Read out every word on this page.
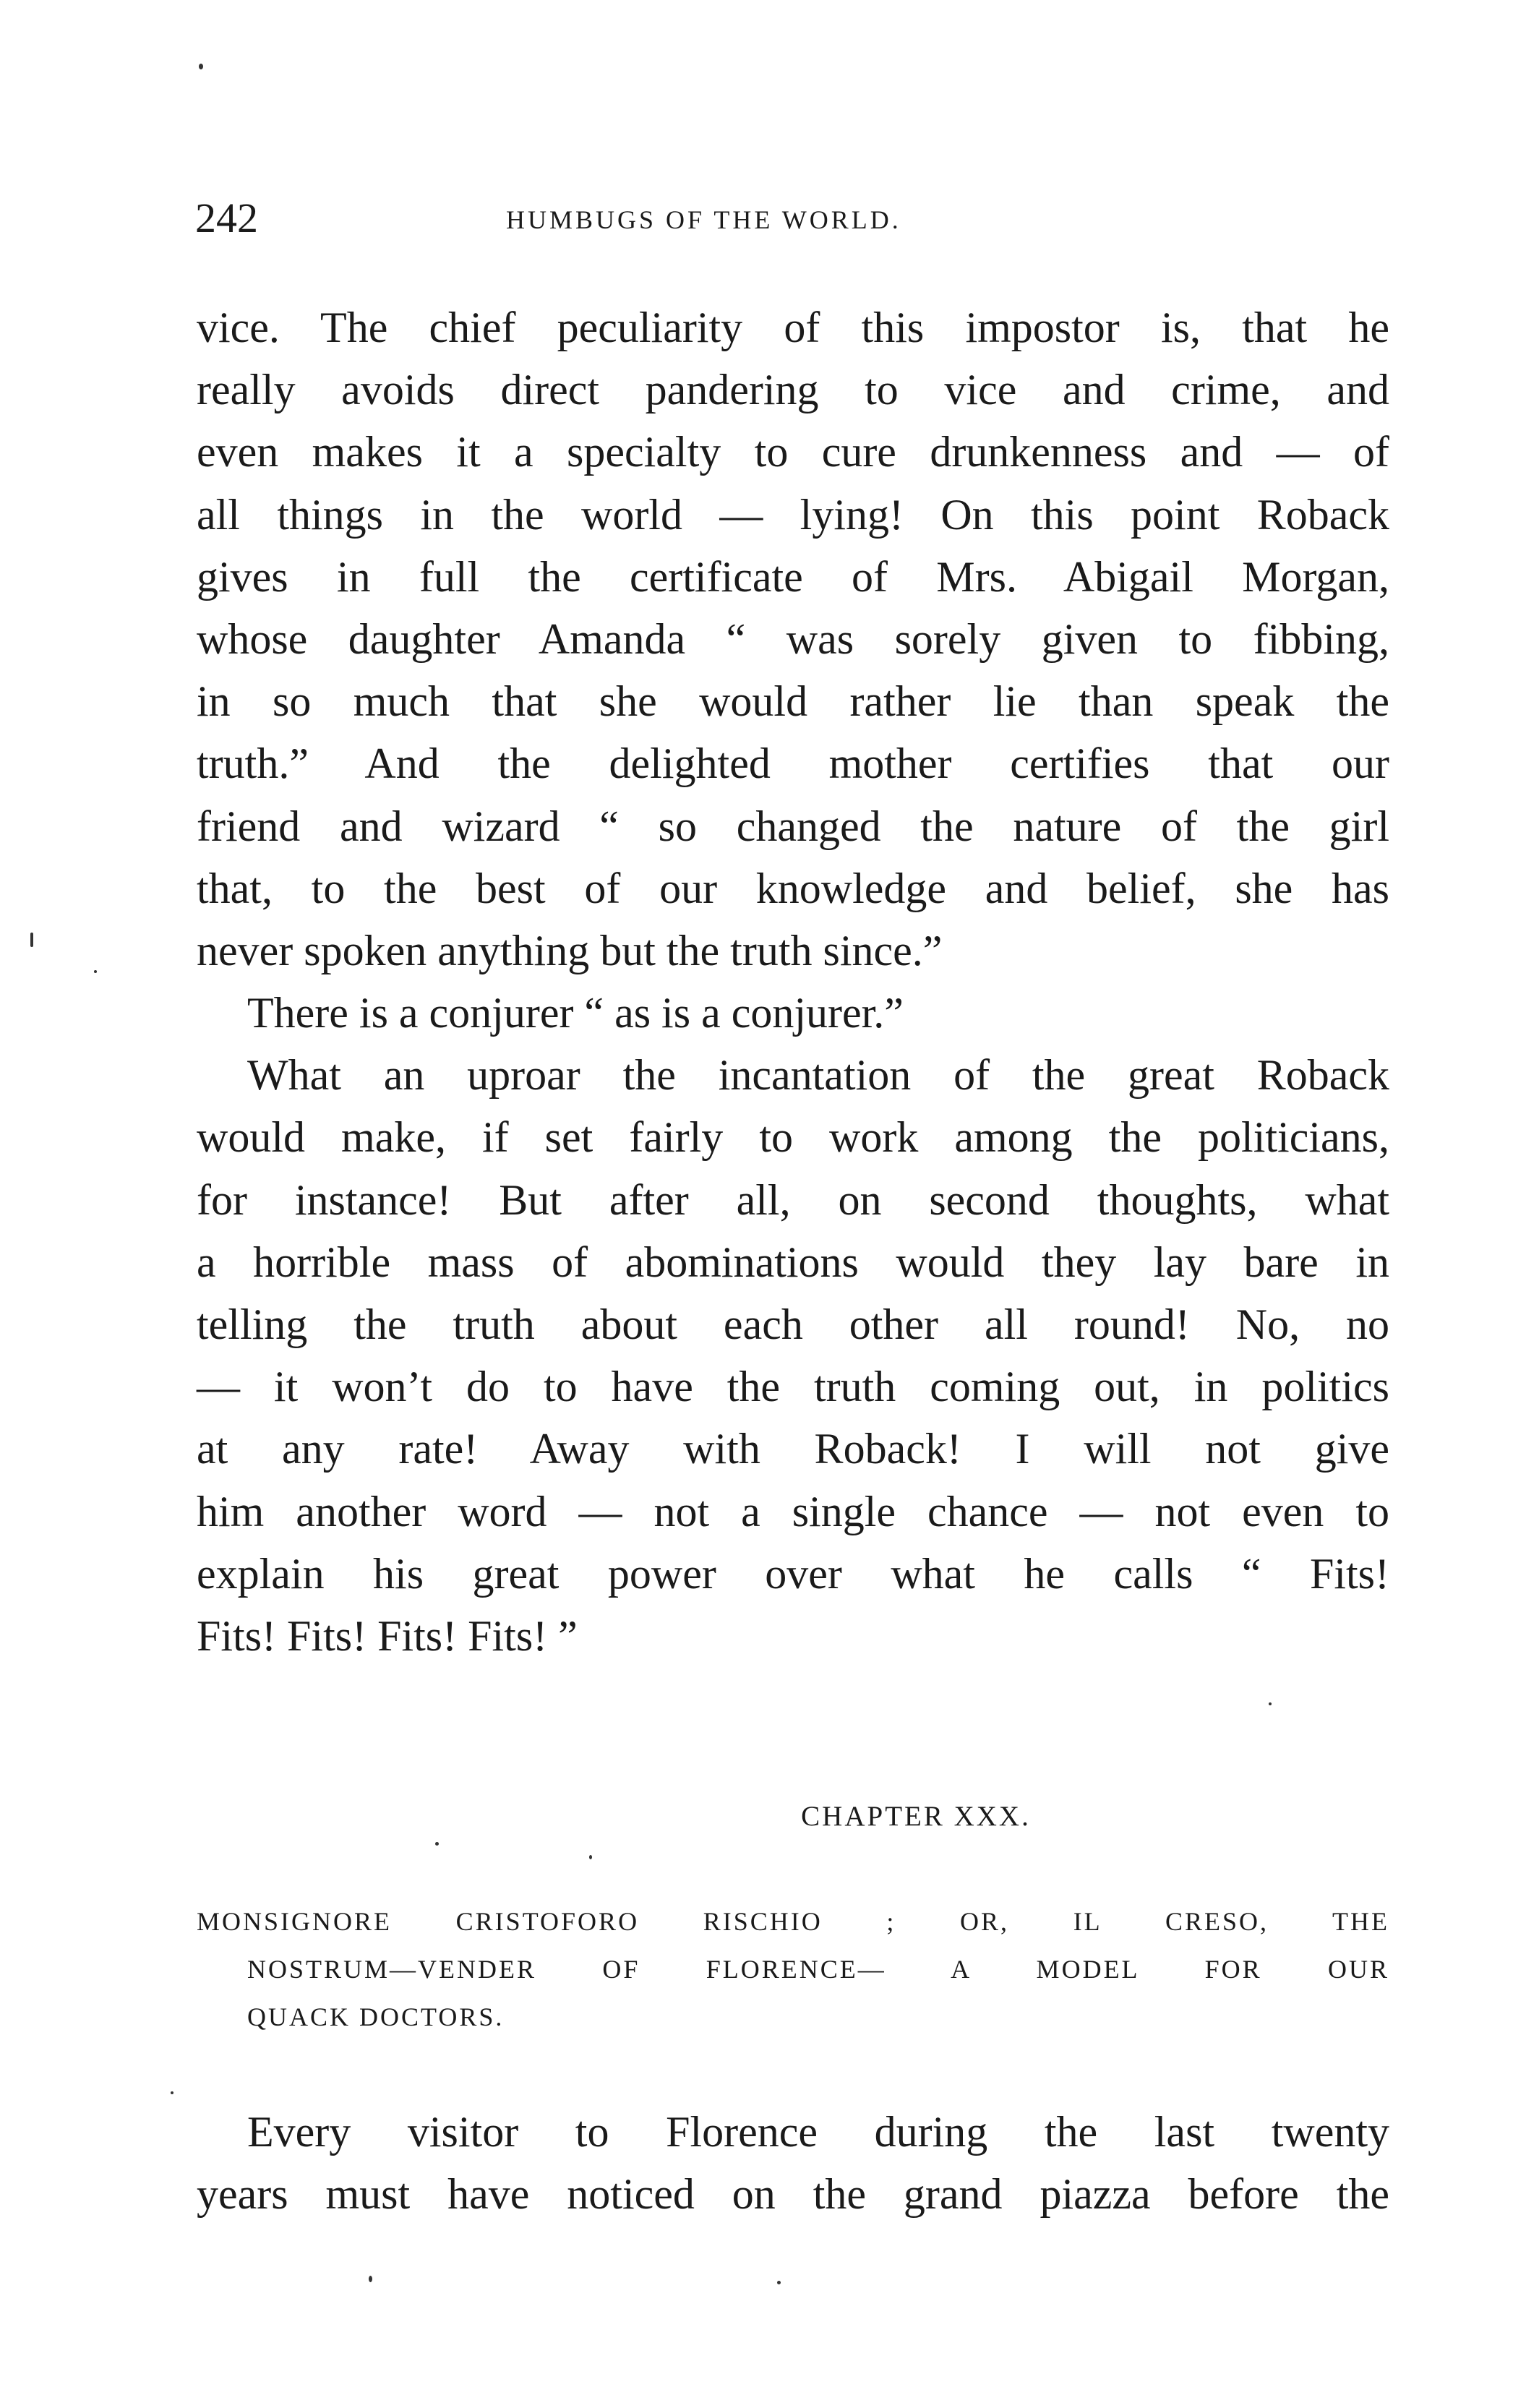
242	HUMBUGS OF THE WORLD.
vice. The chief peculiarity of this impostor is, that he
really avoids direct pandering to vice and crime, and
even makes it a specialty to cure drunkenness and — of
all things in the world — lying! On this point Roback
gives in full the certificate of Mrs. Abigail Morgan,
whose daughter Amanda “ was sorely given to fibbing,
in so much that she would rather lie than speak the
truth.” And the delighted mother certifies that our
friend and wizard “ so changed the nature of the girl
that, to the best of our knowledge and belief, she has
never spoken anything but the truth since.”
There is a conjurer “ as is a conjurer.”
What an uproar the incantation of the great Roback
would make, if set fairly to work among the politicians,
for instance! But after all, on second thoughts, what
a horrible mass of abominations would they lay bare in
telling the truth about each other all round! No, no
— it won’t do to have the truth coming out, in politics
at any rate! Away with Roback! I will not give
him another word — not a single chance — not even to
explain his great power over what he calls “ Fits!
Fits! Fits! Fits! Fits! ”
CHAPTER XXX.
MONSIGNORE CRISTOFORO RISCHIO ; OR, IL CRESO, THE
NOSTRUM—VENDER OF FLORENCE— A MODEL FOR OUR
QUACK DOCTORS.
Every visitor to Florence during the last twenty
years must have noticed on the grand piazza before the
